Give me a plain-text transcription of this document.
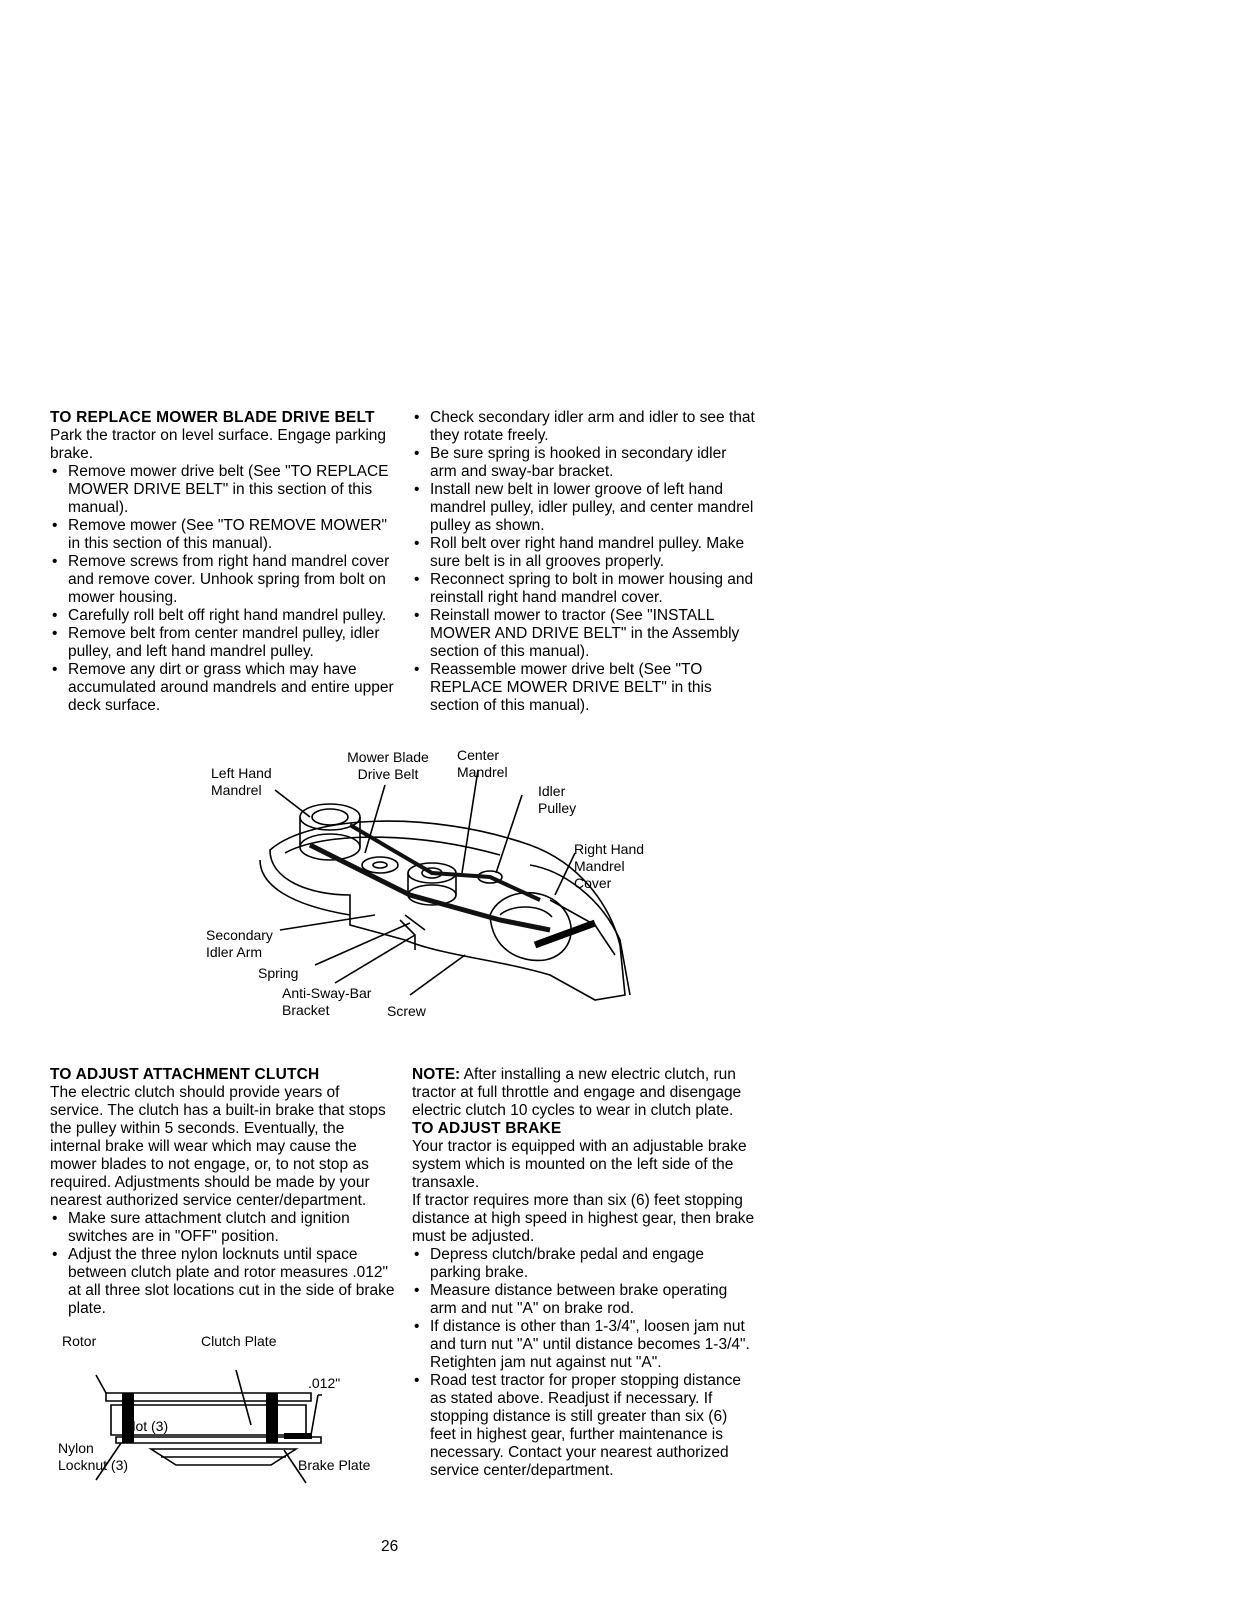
TO REPLACE MOWER BLADE DRIVE BELT

Park the tractor on level surface. Engage parking brake.

• Remove mower drive belt (See "TO REPLACE MOWER DRIVE BELT" in this section of this manual).
• Remove mower (See "TO REMOVE MOWER" in this section of this manual).
• Remove screws from right hand mandrel cover and remove cover. Unhook spring from bolt on mower housing.
• Carefully roll belt off right hand mandrel pulley.
• Remove belt from center mandrel pulley, idler pulley, and left hand mandrel pulley.
• Remove any dirt or grass which may have accumulated around mandrels and entire upper deck surface.
• Check secondary idler arm and idler to see that they rotate freely.
• Be sure spring is hooked in secondary idler arm and sway-bar bracket.
• Install new belt in lower groove of left hand mandrel pulley, idler pulley, and center mandrel pulley as shown.
• Roll belt over right hand mandrel pulley. Make sure belt is in all grooves properly.
• Reconnect spring to bolt in mower housing and reinstall right hand mandrel cover.
• Reinstall mower to tractor (See "INSTALL MOWER AND DRIVE BELT" in the Assembly section of this manual).
• Reassemble mower drive belt (See "TO REPLACE MOWER DRIVE BELT" in this section of this manual).
Left Hand
Mandrel
Mower Blade
Drive Belt
Center
Mandrel
Idler
Pulley
Right Hand
Mandrel
Cover
Secondary
Idler Arm
Spring
Anti-Sway-Bar
Bracket	Screw
TO ADJUST ATTACHMENT CLUTCH

The electric clutch should provide years of service. The clutch has a built-in brake that stops the pulley within 5 seconds. Eventually, the internal brake will wear which may cause the mower blades to not engage, or, to not stop as required. Adjustments should be made by your nearest authorized service center/department.

• Make sure attachment clutch and ignition switches are in "OFF" position.
• Adjust the three nylon locknuts until space between clutch plate and rotor measures .012" at all three slot locations cut in the side of brake plate.
Rotor	Clutch Plate
.012"
Slot (3)
Nylon
Locknut (3)	Brake Plate

NOTE: After installing a new electric clutch, run tractor at full throttle and engage and disengage electric clutch 10 cycles to wear in clutch plate.

TO ADJUST BRAKE

Your tractor is equipped with an adjustable brake system which is mounted on the left side of the transaxle.

If tractor requires more than six (6) feet stopping distance at high speed in highest gear, then brake must be adjusted.

• Depress clutch/brake pedal and engage parking brake.
• Measure distance between brake operating arm and nut "A" on brake rod.
• If distance is other than 1-3/4", loosen jam nut and turn nut "A" until distance becomes 1-3/4". Retighten jam nut against nut "A".
• Road test tractor for proper stopping distance as stated above. Readjust if necessary. If stopping distance is still greater than six (6) feet in highest gear, further maintenance is necessary. Contact your nearest authorized service center/department.
26
